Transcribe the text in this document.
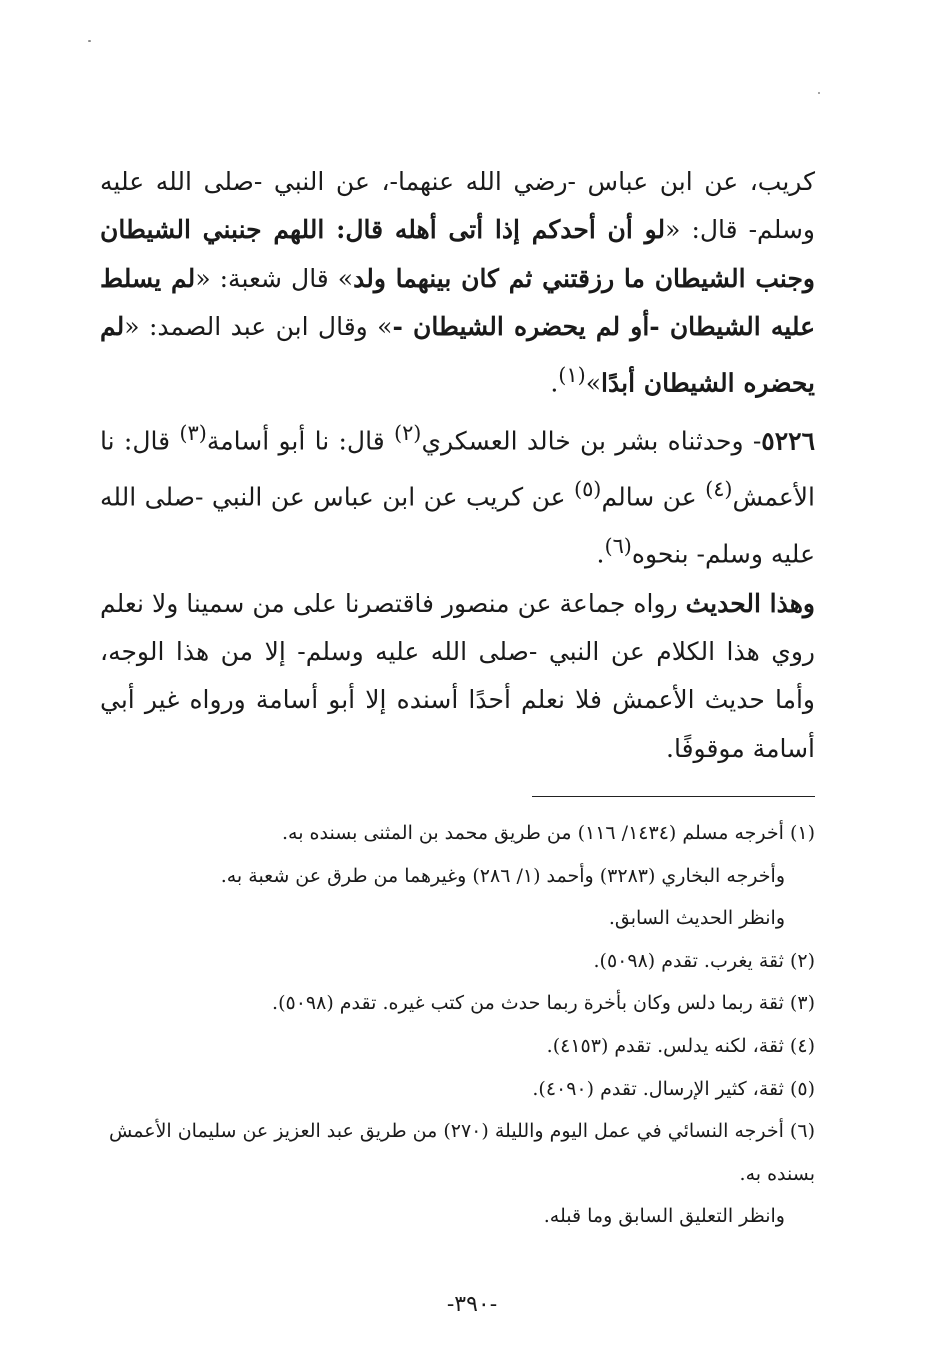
كريب، عن ابن عباس -رضي الله عنهما-، عن النبي -صلى الله عليه وسلم- قال: «لو أن أحدكم إذا أتى أهله قال: اللهم جنبني الشيطان وجنب الشيطان ما رزقتني ثم كان بينهما ولد» قال شعبة: «لم يسلط عليه الشيطان -أو لم يحضره الشيطان -» وقال ابن عبد الصمد: «لم يحضره الشيطان أبدًا»$^{(١)}$.

٥٢٢٦- وحدثناه بشر بن خالد العسكري$^{(٢)}$ قال: نا أبو أسامة$^{(٣)}$ قال: نا الأعمش$^{(٤)}$ عن سالم$^{(٥)}$ عن كريب عن ابن عباس عن النبي -صلى الله عليه وسلم- بنحوه$^{(٦)}$.

وهذا الحديث رواه جماعة عن منصور فاقتصرنا على من سمينا ولا نعلم روي هذا الكلام عن النبي -صلى الله عليه وسلم- إلا من هذا الوجه، وأما حديث الأعمش فلا نعلم أحدًا أسنده إلا أبو أسامة ورواه غير أبي أسامة موقوفًا.

(١) أخرجه مسلم (١٤٣٤/ ١١٦) من طريق محمد بن المثنى بسنده به.

وأخرجه البخاري (٣٢٨٣) وأحمد (١/ ٢٨٦) وغيرهما من طرق عن شعبة به.

وانظر الحديث السابق.

(٢) ثقة يغرب. تقدم (٥٠٩٨).

(٣) ثقة ربما دلس وكان بأخرة ربما حدث من كتب غيره. تقدم (٥٠٩٨).

(٤) ثقة، لكنه يدلس. تقدم (٤١٥٣).

(٥) ثقة، كثير الإرسال. تقدم (٤٠٩٠).

(٦) أخرجه النسائي في عمل اليوم والليلة (٢٧٠) من طريق عبد العزيز عن سليمان الأعمش بسنده به.

وانظر التعليق السابق وما قبله.

-٣٩٠-
